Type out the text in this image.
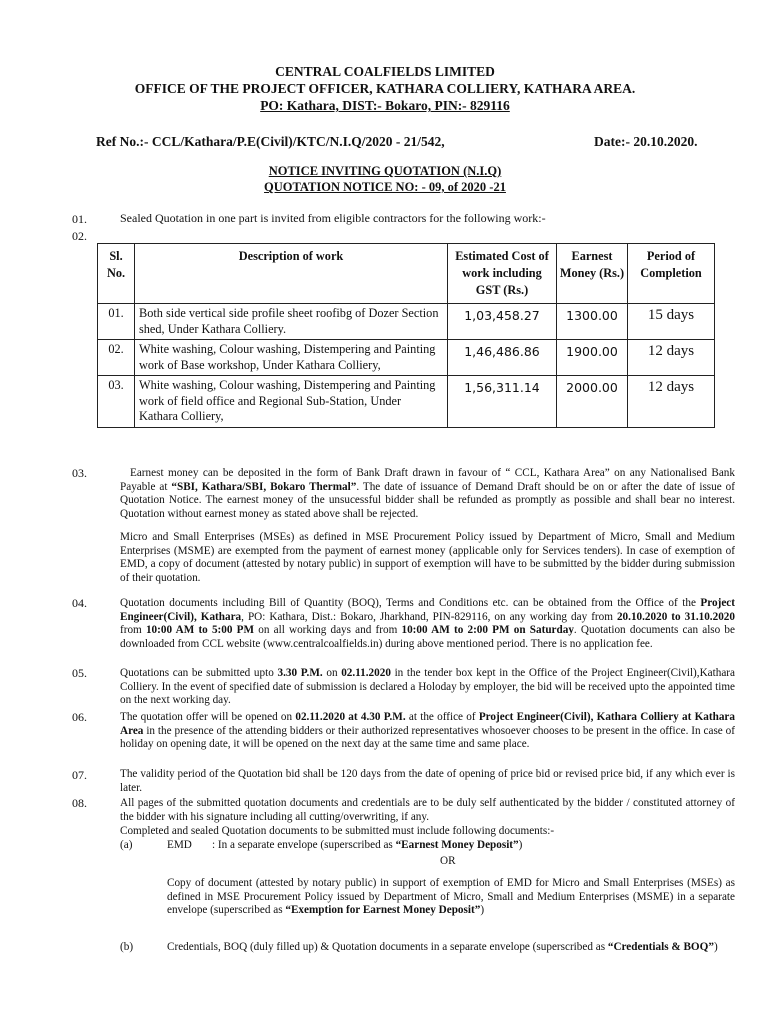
CENTRAL COALFIELDS LIMITED
OFFICE OF THE PROJECT OFFICER, KATHARA COLLIERY, KATHARA AREA.
PO: Kathara, DIST:- Bokaro, PIN:- 829116
Ref No.:- CCL/Kathara/P.E(Civil)/KTC/N.I.Q/2020 - 21/542,	Date:- 20.10.2020.
NOTICE INVITING QUOTATION (N.I.Q)
QUOTATION NOTICE NO: - 09, of 2020 -21
01.	Sealed Quotation in one part is invited from eligible contractors for the following work:-
02.
Sl. No.	Description of work	Estimated Cost of work including GST (Rs.)	Earnest Money (Rs.)	Period of Completion
01.	Both side vertical side profile sheet roofibg of Dozer Section shed, Under Kathara Colliery.	1,03,458.27	1300.00	15 days
02.	White washing, Colour washing, Distempering and Painting work of Base workshop, Under Kathara Colliery,	1,46,486.86	1900.00	12 days
03.	White washing, Colour washing, Distempering and Painting work of field office and Regional Sub-Station, Under Kathara Colliery,	1,56,311.14	2000.00	12 days
03.	Earnest money can be deposited in the form of Bank Draft drawn in favour of “ CCL, Kathara Area” on any Nationalised Bank Payable at “SBI, Kathara/SBI, Bokaro Thermal”. The date of issuance of Demand Draft should be on or after the date of issue of Quotation Notice. The earnest money of the unsucessful bidder shall be refunded as promptly as possible and shall bear no interest. Quotation without earnest money as stated above shall be rejected.
Micro and Small Enterprises (MSEs) as defined in MSE Procurement Policy issued by Department of Micro, Small and Medium Enterprises (MSME) are exempted from the payment of earnest money (applicable only for Services tenders). In case of exemption of EMD, a copy of document (attested by notary public) in support of exemption will have to be submitted by the bidder during submission of their quotation.
04.	Quotation documents including Bill of Quantity (BOQ), Terms and Conditions etc. can be obtained from the Office of the Project Engineer(Civil), Kathara, PO: Kathara, Dist.: Bokaro, Jharkhand, PIN-829116, on any working day from 20.10.2020 to 31.10.2020 from 10:00 AM to 5:00 PM on all working days and from 10:00 AM to 2:00 PM on Saturday. Quotation documents can also be downloaded from CCL website (www.centralcoalfields.in) during above mentioned period. There is no application fee.
05.	Quotations can be submitted upto 3.30 P.M. on 02.11.2020 in the tender box kept in the Office of the Project Engineer(Civil),Kathara Colliery. In the event of specified date of submission is declared a Holoday by employer, the bid will be received upto the appointed time on the next working day.
06.	The quotation offer will be opened on 02.11.2020 at 4.30 P.M. at the office of Project Engineer(Civil), Kathara Colliery at Kathara Area in the presence of the attending bidders or their authorized representatives whosoever chooses to be present in the office. In case of holiday on opening date, it will be opened on the next day at the same time and same place.
07.	The validity period of the Quotation bid shall be 120 days from the date of opening of price bid or revised price bid, if any which ever is later.
08.	All pages of the submitted quotation documents and credentials are to be duly self authenticated by the bidder / constituted attorney of the bidder with his signature including all cutting/overwriting, if any.
Completed and sealed Quotation documents to be submitted must include following documents:-
(a)	EMD : In a separate envelope (superscribed as “Earnest Money Deposit”)
OR
Copy of document (attested by notary public) in support of exemption of EMD for Micro and Small Enterprises (MSEs) as defined in MSE Procurement Policy issued by Department of Micro, Small and Medium Enterprises (MSME) in a separate envelope (superscribed as “Exemption for Earnest Money Deposit”)
(b)	Credentials, BOQ (duly filled up) & Quotation documents in a separate envelope (superscribed as “Credentials & BOQ”)
